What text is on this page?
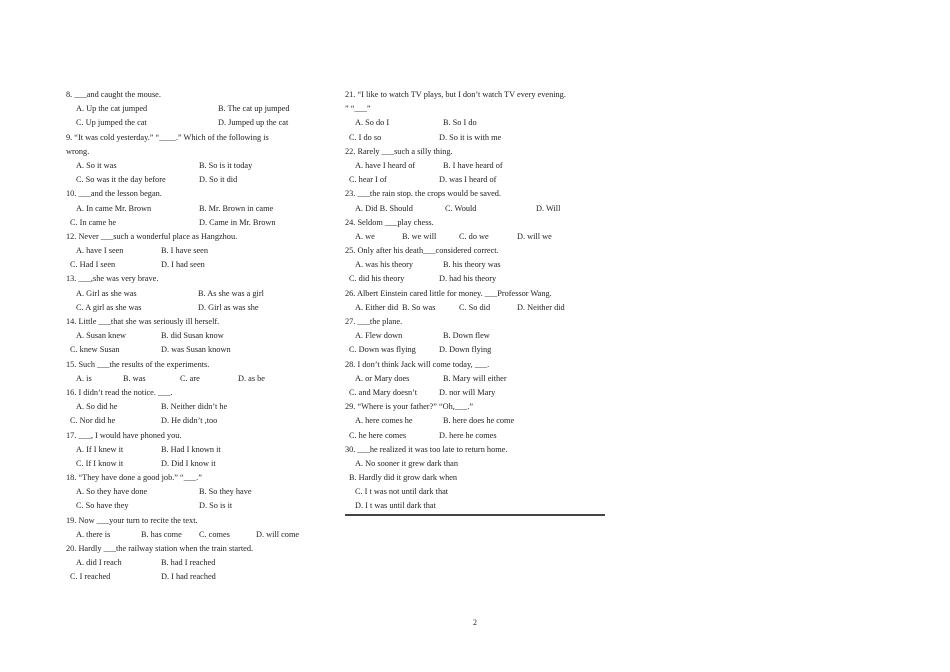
8. ___and caught the mouse.
A. Up the cat jumped	B. The cat up jumped
C. Up jumped the cat	D. Jumped up the cat
9. “It was cold yesterday.” “____.” Which of the following is
wrong.
A. So it was	B. So is it today
C. So was it the day before	D. So it did
10. ___and the lesson began.
A. In came Mr. Brown	B. Mr. Brown in came
C. In came he	D. Came in Mr. Brown
12. Never ___such a wonderful place as Hangzhou.
A. have I seen	B. I have seen
C. Had I seen	D. I had seen
13. ___,she was very brave.
A. Girl as she was	B. As she was a girl
C. A girl as she was	D. Girl as was she
14. Little ___that she was seriously ill herself.
A. Susan knew	B. did Susan know
C. knew Susan	D. was Susan known
15. Such ___the results of the experiments.
A. is	B. was	C. are	D. as be
16. I didn’t read the notice. ___.
A. So did he	B. Neither didn’t he
C. Nor did he	D. He didn’t ,too
17. ___, I would have phoned you.
A. If I knew it	B. Had I known it
C. If I know it	D. Did I know it
18. “They have done a good job.” “___.”
A. So they have done	B. So they have
C. So have they	D. So is it
19. Now ___your turn to recite the text.
A. there is	B. has come C. comes	D. will come
20. Hardly ___the railway station when the train started.
A. did I reach	B. had I reached
C. I reached	D. I had reached
21. “I like to watch TV plays, but I don’t watch TV every evening.
” “___”
A. So do I	B. So I do
C. I do so	D. So it is with me
22. Rarely ___such a silly thing.
A. have I heard of	B. I have heard of
C. hear I of	D. was I heard of
23. ___the rain stop. the crops would be saved.
A. Did B. Should	C. Would	D. Will
24. Seldom ___play chess.
A. we	B. we will	C. do we	D. will we
25. Only after his death___considered correct.
A. was his theory	B. his theory was
C. did his theory	D. had his theory
26. Albert Einstein cared little for money. ___Professor Wang.
A. Either did B. So was	C. So did	D. Neither did
27. ___the plane.
A. Flew down	B. Down flew
C. Down was flying	D. Down flying
28. I don’t think Jack will come today, ___.
A. or Mary does	B. Mary will either
C. and Mary doesn’t	D. nor will Mary
29. “Where is your father?” “Oh,___.”
A. here comes he	B. here does he come
C. he here comes	D. here he comes
30. ___he realized it was too late to return home.
A. No sooner it grew dark than
B. Hardly did it grow dark when
C. I t was not until dark that
D. I t was until dark that
2
